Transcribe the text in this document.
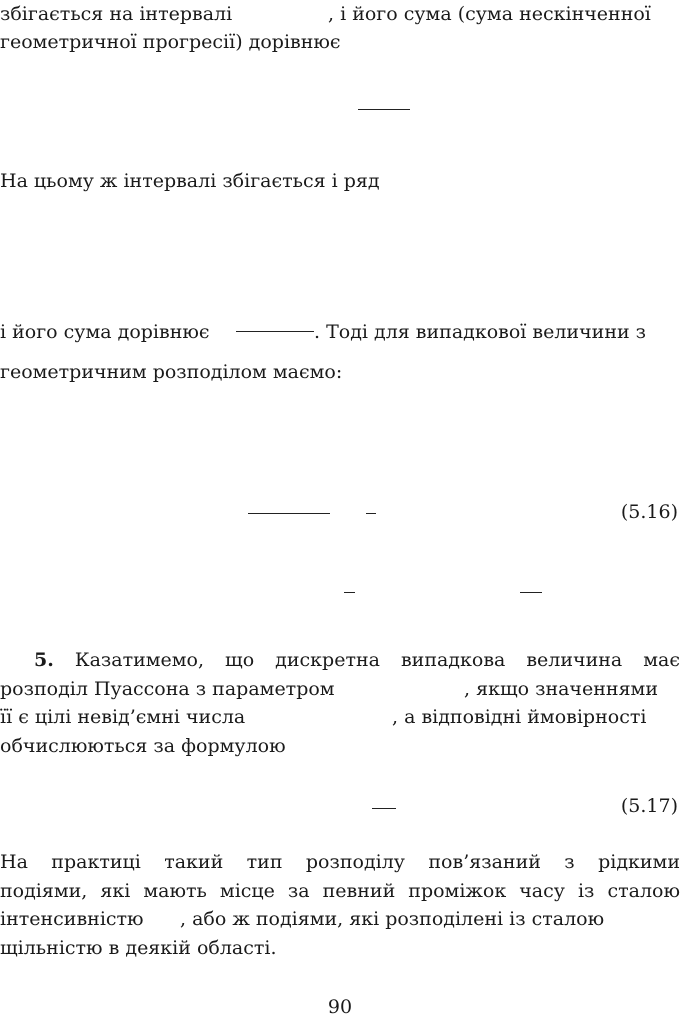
збігається на інтервалі	, і його сума (сума нескінченної
геометричної прогресії) дорівнює
На цьому ж інтервалі збігається і ряд
і його сума дорівнює	. Тоді для випадкової величини з
геометричним розподілом маємо:
(5.16)
5. Казатимемо, що дискретна випадкова величина має
розподіл Пуассона з параметром	, якщо значеннями
її є цілі невід’ємні числа	, а відповідні ймовірності
обчислюються за формулою
(5.17)
На практиці такий тип розподілу пов’язаний з рідкими
подіями, які мають місце за певний проміжок часу із сталою
інтенсивністю , або ж подіями, які розподілені із сталою
щільністю в деякій області.
90
